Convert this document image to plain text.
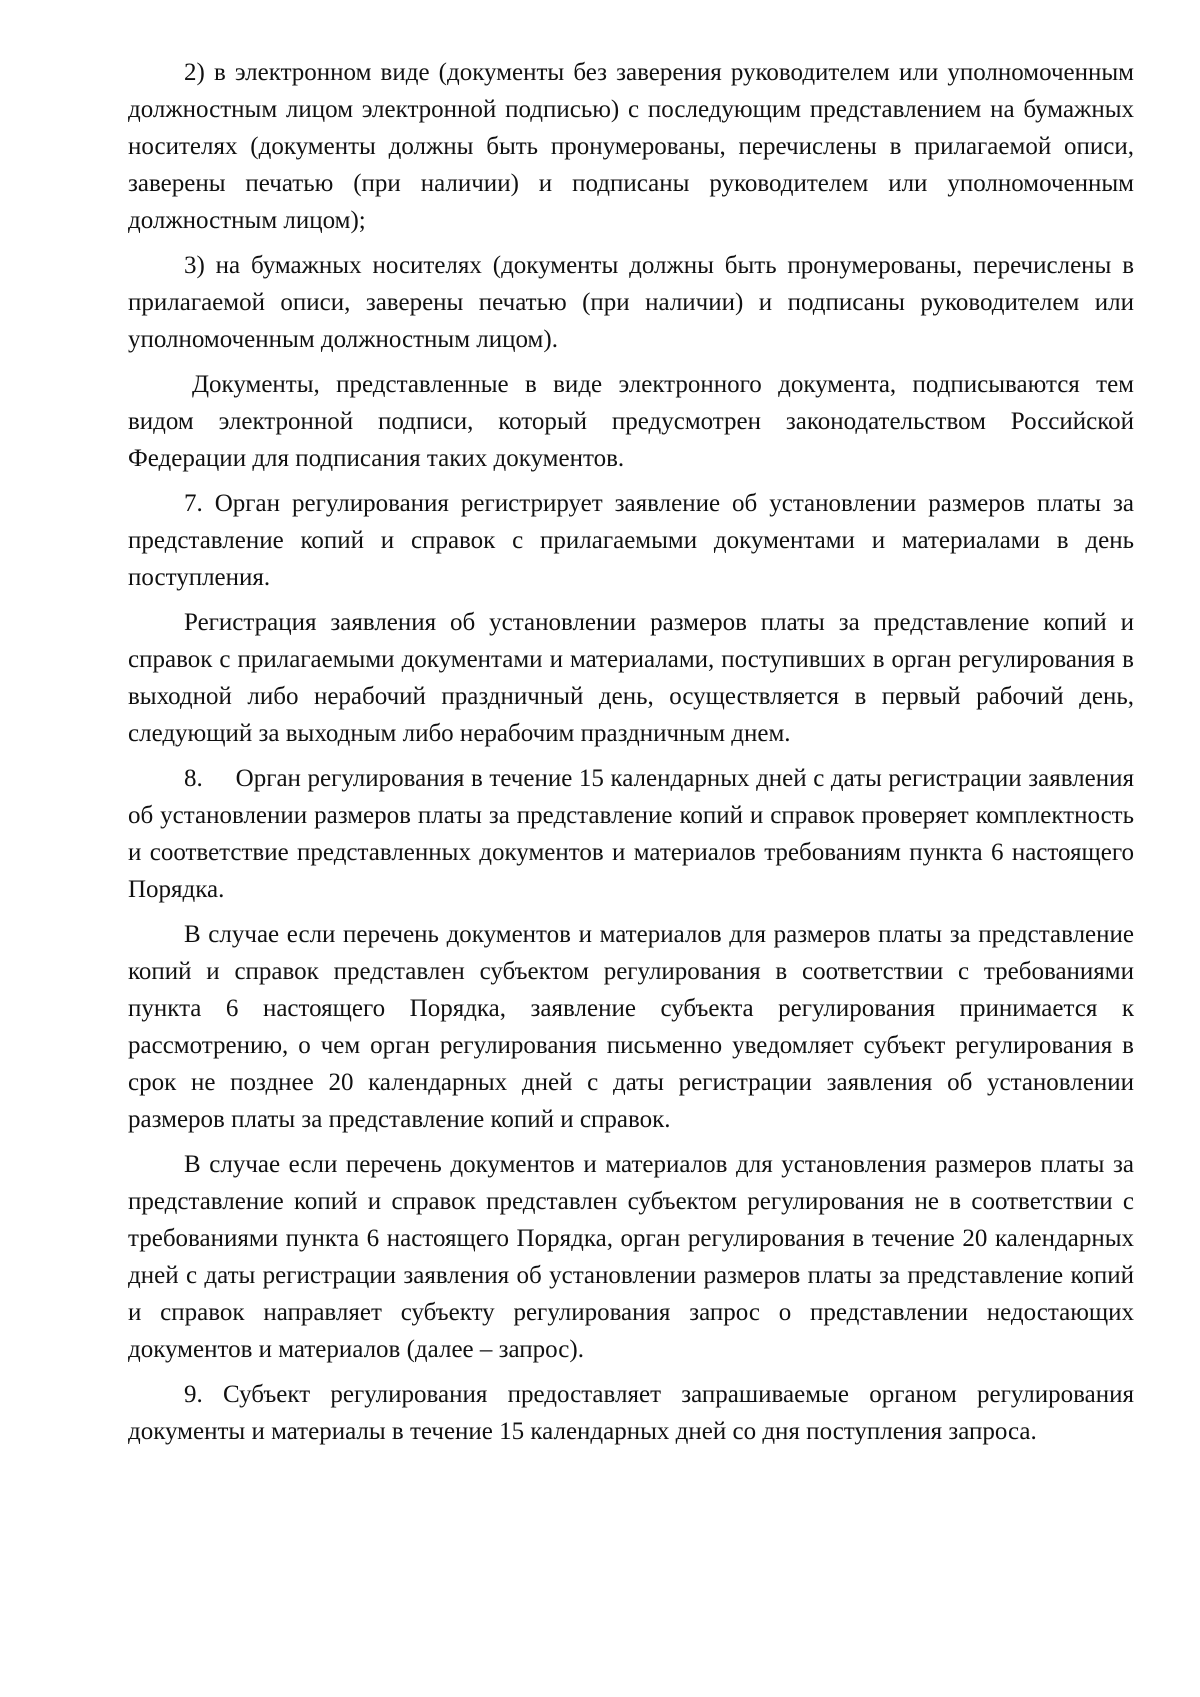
2) в электронном виде (документы без заверения руководителем или уполномоченным должностным лицом электронной подписью) с последующим представлением на бумажных носителях (документы должны быть пронумерованы, перечислены в прилагаемой описи, заверены печатью (при наличии) и подписаны руководителем или уполномоченным должностным лицом);

3) на бумажных носителях (документы должны быть пронумерованы, перечислены в прилагаемой описи, заверены печатью (при наличии) и подписаны руководителем или уполномоченным должностным лицом).

Документы, представленные в виде электронного документа, подписываются тем видом электронной подписи, который предусмотрен законодательством Российской Федерации для подписания таких документов.

7. Орган регулирования регистрирует заявление об установлении размеров платы за представление копий и справок с прилагаемыми документами и материалами в день поступления.

Регистрация заявления об установлении размеров платы за представление копий и справок с прилагаемыми документами и материалами, поступивших в орган регулирования в выходной либо нерабочий праздничный день, осуществляется в первый рабочий день, следующий за выходным либо нерабочим праздничным днем.

8.     Орган регулирования в течение 15 календарных дней с даты регистрации заявления об установлении размеров платы за представление копий и справок проверяет комплектность и соответствие представленных документов и материалов требованиям пункта 6 настоящего Порядка.

В случае если перечень документов и материалов для размеров платы за представление копий и справок представлен субъектом регулирования в соответствии с требованиями пункта 6 настоящего Порядка, заявление субъекта регулирования принимается к рассмотрению, о чем орган регулирования письменно уведомляет субъект регулирования в срок не позднее 20 календарных дней с даты регистрации заявления об установлении размеров платы за представление копий и справок.

В случае если перечень документов и материалов для установления размеров платы за представление копий и справок представлен субъектом регулирования не в соответствии с требованиями пункта 6 настоящего Порядка, орган регулирования в течение 20 календарных дней с даты регистрации заявления об установлении размеров платы за представление копий и справок направляет субъекту регулирования запрос о представлении недостающих документов и материалов (далее – запрос).

9. Субъект регулирования предоставляет запрашиваемые органом регулирования документы и материалы в течение 15 календарных дней со дня поступления запроса.
